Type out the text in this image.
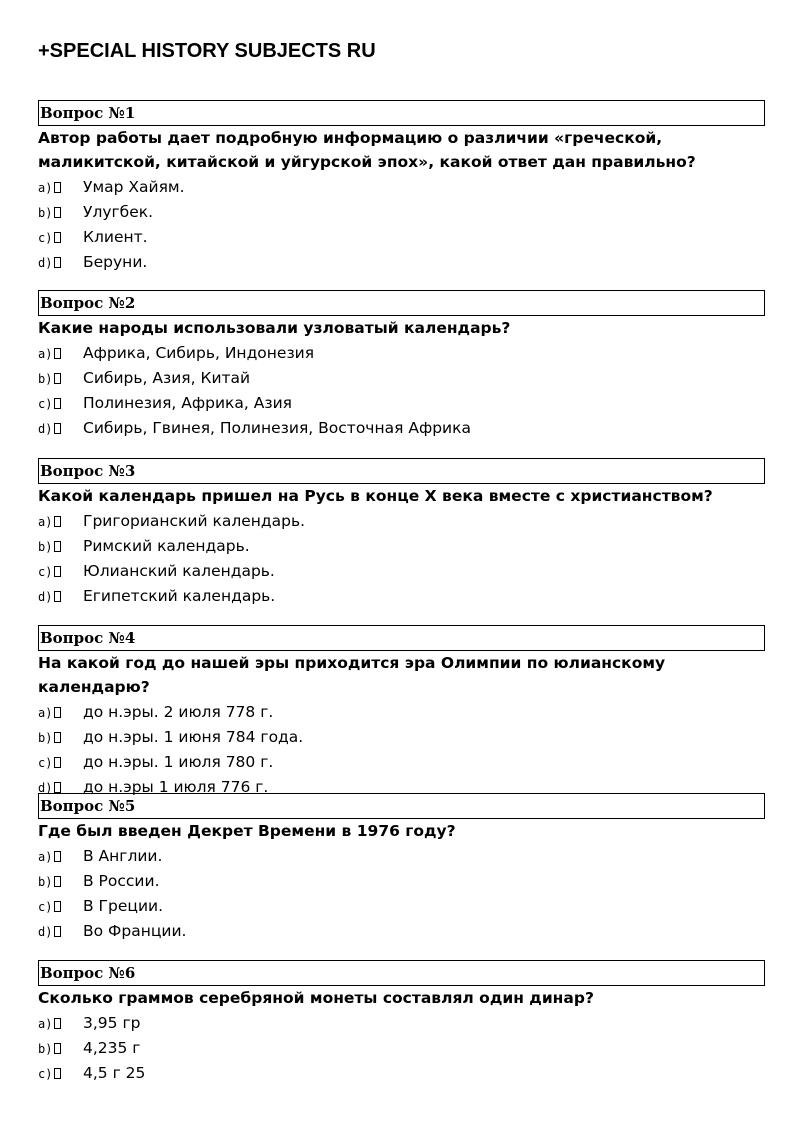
+SPECIAL HISTORY SUBJECTS RU
Вопрос №1
Автор работы дает подробную информацию о различии «греческой, маликитской, китайской и уйгурской эпох», какой ответ дан правильно?
a)	Умар Хайям.
b)	Улугбек.
c)	Клиент.
d)	Беруни.
Вопрос №2
Какие народы использовали узловатый календарь?
a)	Африка, Сибирь, Индонезия
b)	Сибирь, Азия, Китай
c)	Полинезия, Африка, Азия
d)	Сибирь, Гвинея, Полинезия, Восточная Африка
Вопрос №3
Какой календарь пришел на Русь в конце X века вместе с христианством?
a)	Григорианский календарь.
b)	Римский календарь.
c)	Юлианский календарь.
d)	Египетский календарь.
Вопрос №4
На какой год до нашей эры приходится эра Олимпии по юлианскому календарю?
a)	до н.эры. 2 июля 778 г.
b)	до н.эры. 1 июня 784 года.
c)	до н.эры. 1 июля 780 г.
d)	до н.эры 1 июля 776 г.
Вопрос №5
Где был введен Декрет Времени в 1976 году?
a)	В Англии.
b)	В России.
c)	В Греции.
d)	Во Франции.
Вопрос №6
Сколько граммов серебряной монеты составлял один динар?
a)	3,95 гр
b)	4,235 г
c)	4,5 г 25
